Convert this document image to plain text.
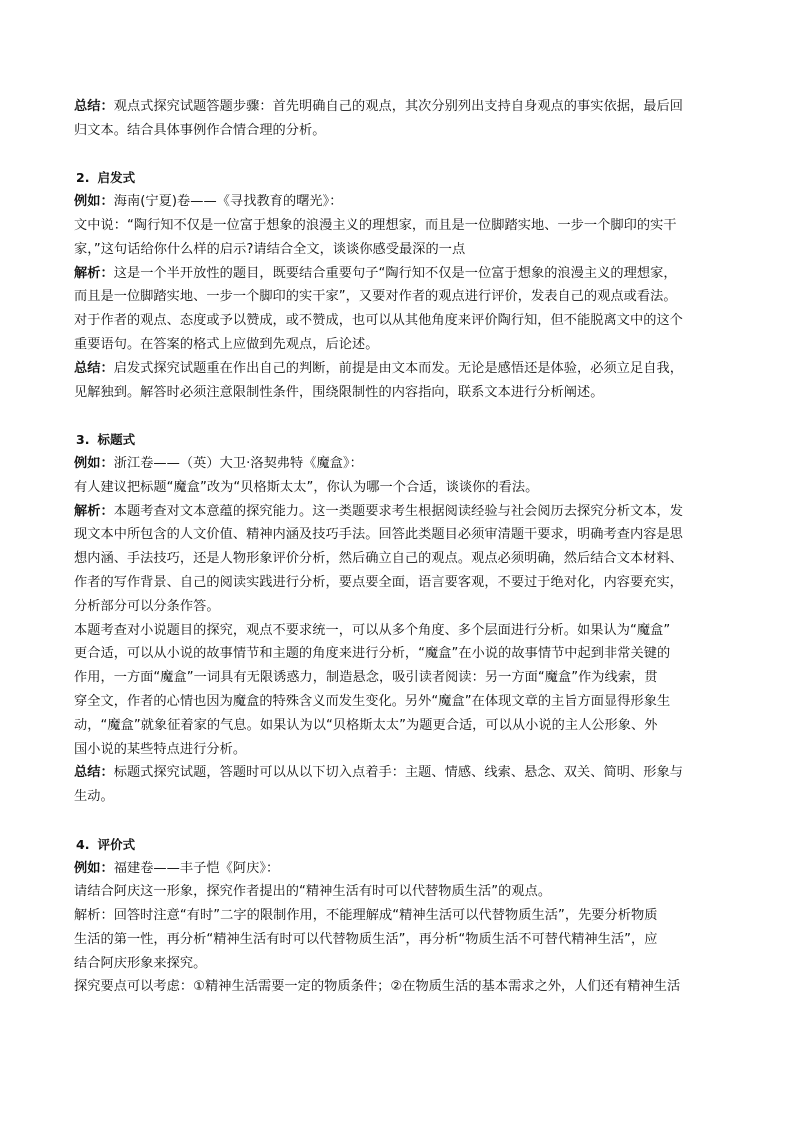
总结：观点式探究试题答题步骤：首先明确自己的观点，其次分别列出支持自身观点的事实依据，最后回
归文本。结合具体事例作合情合理的分析。
2. 启发式
例如：海南(宁夏)卷——《寻找教育的曙光》：
文中说：“陶行知不仅是一位富于想象的浪漫主义的理想家，而且是一位脚踏实地、一步一个脚印的实干
家，”这句话给你什么样的启示?请结合全文，谈谈你感受最深的一点
解析：这是一个半开放性的题目，既要结合重要句子“陶行知不仅是一位富于想象的浪漫主义的理想家，
而且是一位脚踏实地、一步一个脚印的实干家”，又要对作者的观点进行评价，发表自己的观点或看法。
对于作者的观点、态度或予以赞成，或不赞成，也可以从其他角度来评价陶行知，但不能脱离文中的这个
重要语句。在答案的格式上应做到先观点，后论述。
总结：启发式探究试题重在作出自己的判断，前提是由文本而发。无论是感悟还是体验，必须立足自我，
见解独到。解答时必须注意限制性条件，围绕限制性的内容指向，联系文本进行分析阐述。
3. 标题式
例如：浙江卷——（英）大卫·洛契弗特《魔盒》：
有人建议把标题“魔盒”改为“贝格斯太太”，你认为哪一个合适，谈谈你的看法。
解析：本题考查对文本意蕴的探究能力。这一类题要求考生根据阅读经验与社会阅历去探究分析文本，发
现文本中所包含的人文价值、精神内涵及技巧手法。回答此类题目必须审清题干要求，明确考查内容是思
想内涵、手法技巧，还是人物形象评价分析，然后确立自己的观点。观点必须明确，然后结合文本材料、
作者的写作背景、自己的阅读实践进行分析，要点要全面，语言要客观，不要过于绝对化，内容要充实，
分析部分可以分条作答。
本题考查对小说题目的探究，观点不要求统一，可以从多个角度、多个层面进行分析。如果认为“魔盒”
更合适，可以从小说的故事情节和主题的角度来进行分析，“魔盒”在小说的故事情节中起到非常关键的
作用，一方面“魔盒”一词具有无限诱惑力，制造悬念，吸引读者阅读：另一方面“魔盒”作为线索，贯
穿全文，作者的心情也因为魔盒的特殊含义而发生变化。另外“魔盒”在体现文章的主旨方面显得形象生
动，“魔盒”就象征着家的气息。如果认为以“贝格斯太太”为题更合适，可以从小说的主人公形象、外
国小说的某些特点进行分析。
总结：标题式探究试题，答题时可以从以下切入点着手：主题、情感、线索、悬念、双关、简明、形象与
生动。
4. 评价式
例如：福建卷——丰子恺《阿庆》：
请结合阿庆这一形象，探究作者提出的“精神生活有时可以代替物质生活”的观点。
解析：回答时注意“有时”二字的限制作用，不能理解成“精神生活可以代替物质生活”，先要分析物质
生活的第一性，再分析“精神生活有时可以代替物质生活”，再分析“物质生活不可替代精神生活”，应
结合阿庆形象来探究。
探究要点可以考虑：①精神生活需要一定的物质条件；②在物质生活的基本需求之外，人们还有精神生活
